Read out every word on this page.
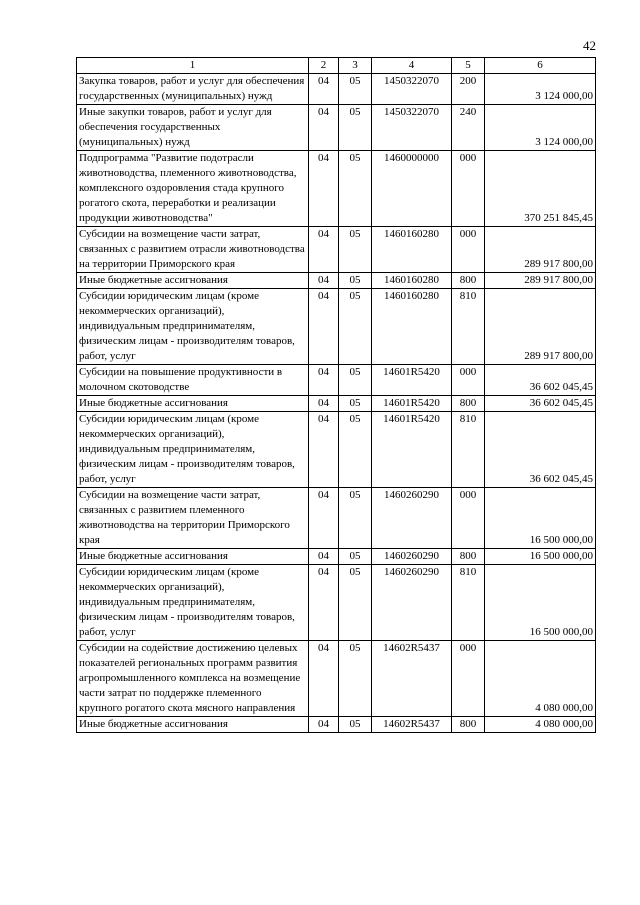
42
1	2	3	4	5	6
Закупка товаров, работ и услуг для обеспечения государственных (муниципальных) нужд	04	05	1450322070	200	3 124 000,00
Иные закупки товаров, работ и услуг для обеспечения государственных (муниципальных) нужд	04	05	1450322070	240	3 124 000,00
Подпрограмма "Развитие подотрасли животноводства, племенного животноводства, комплексного оздоровления стада крупного рогатого скота, переработки и реализации продукции животноводства"	04	05	1460000000	000	370 251 845,45
Субсидии на возмещение части затрат, связанных с развитием отрасли животноводства на территории Приморского края	04	05	1460160280	000	289 917 800,00
Иные бюджетные ассигнования	04	05	1460160280	800	289 917 800,00
Субсидии юридическим лицам (кроме некоммерческих организаций), индивидуальным предпринимателям, физическим лицам - производителям товаров, работ, услуг	04	05	1460160280	810	289 917 800,00
Субсидии на повышение продуктивности в молочном скотоводстве	04	05	14601R5420	000	36 602 045,45
Иные бюджетные ассигнования	04	05	14601R5420	800	36 602 045,45
Субсидии юридическим лицам (кроме некоммерческих организаций), индивидуальным предпринимателям, физическим лицам - производителям товаров, работ, услуг	04	05	14601R5420	810	36 602 045,45
Субсидии на возмещение части затрат, связанных с развитием племенного животноводства на территории Приморского края	04	05	1460260290	000	16 500 000,00
Иные бюджетные ассигнования	04	05	1460260290	800	16 500 000,00
Субсидии юридическим лицам (кроме некоммерческих организаций), индивидуальным предпринимателям, физическим лицам - производителям товаров, работ, услуг	04	05	1460260290	810	16 500 000,00
Субсидии на содействие достижению целевых показателей региональных программ развития агропромышленного комплекса на возмещение части затрат по поддержке племенного крупного рогатого скота мясного направления	04	05	14602R5437	000	4 080 000,00
Иные бюджетные ассигнования	04	05	14602R5437	800	4 080 000,00
